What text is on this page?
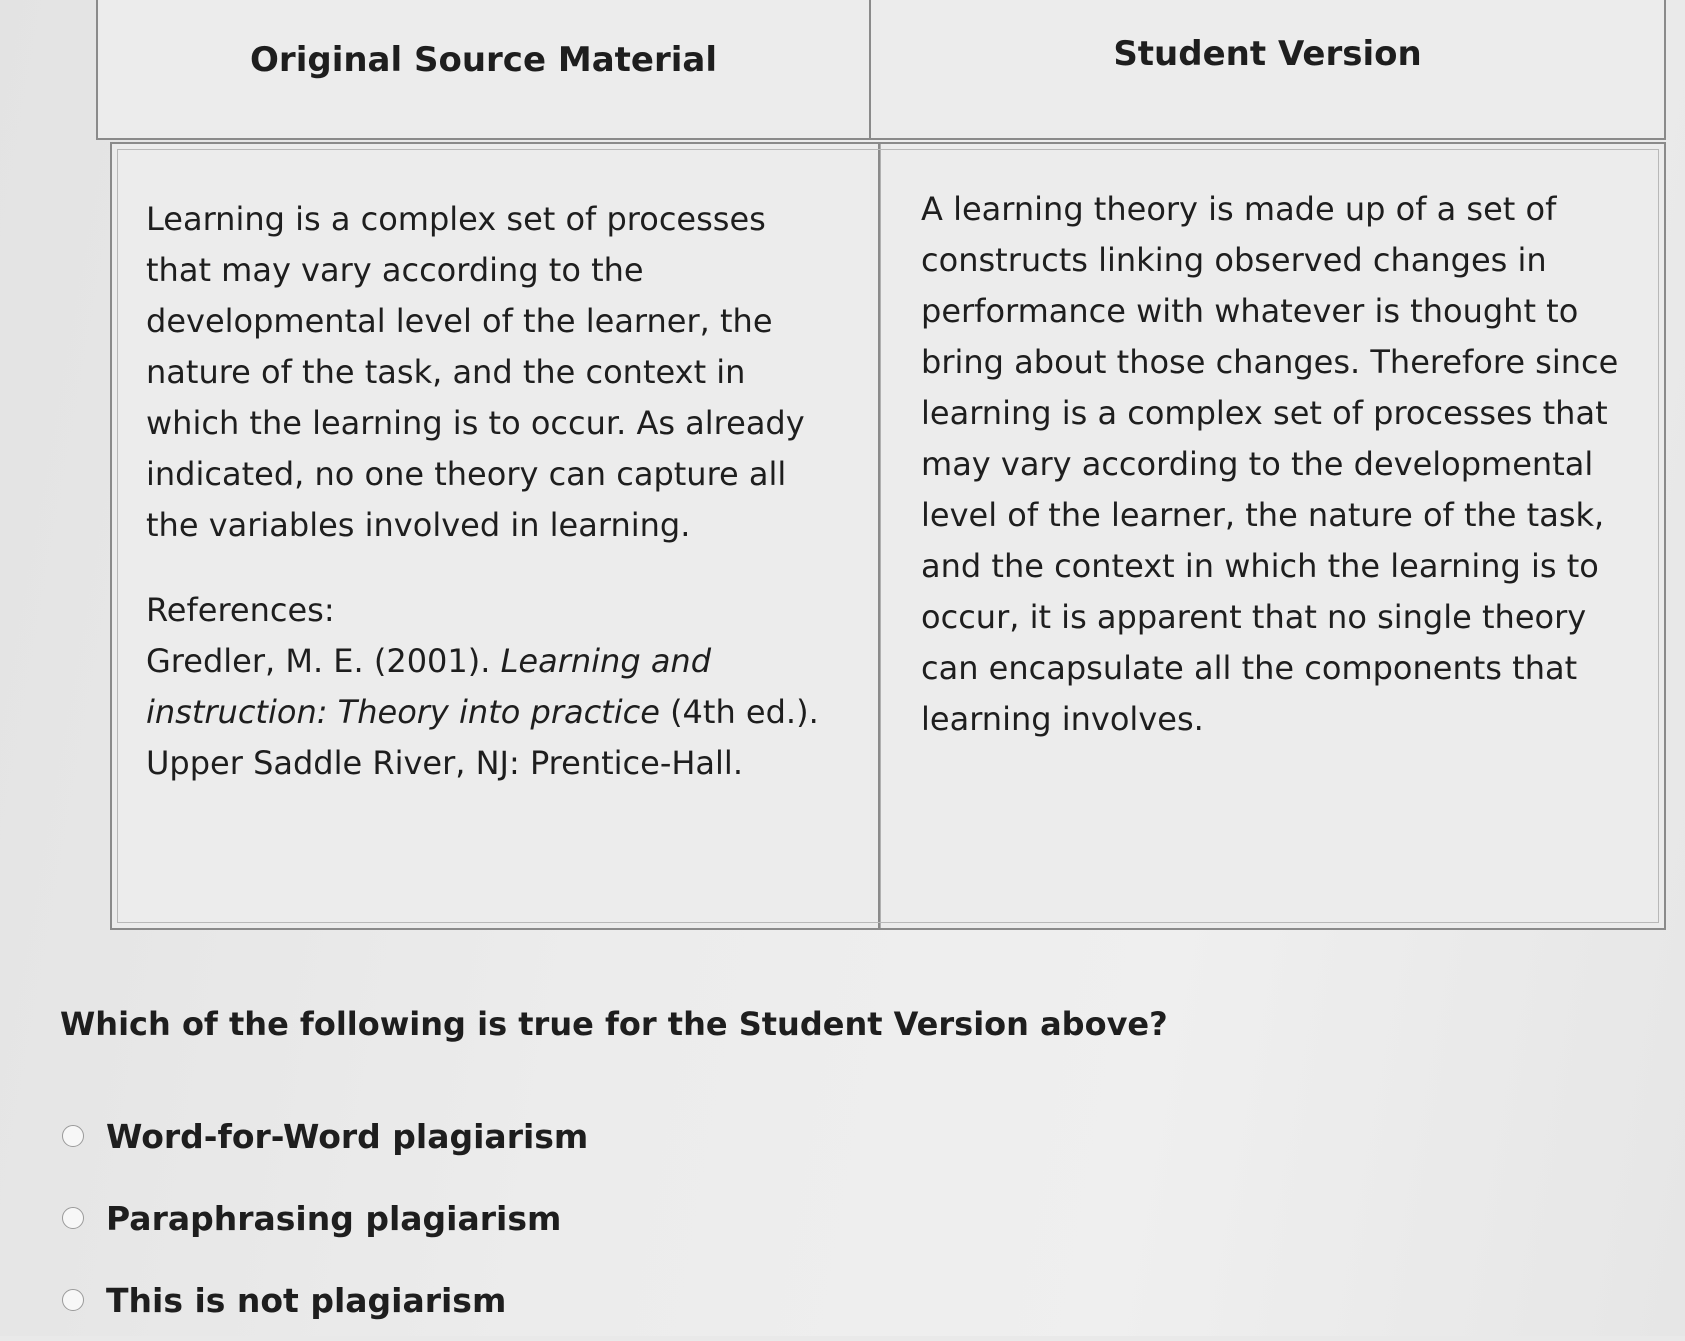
Original Source Material	Student Version

Learning is a complex set of processes that may vary according to the developmental level of the learner, the nature of the task, and the context in which the learning is to occur. As already indicated, no one theory can capture all the variables involved in learning.

References:

Gredler, M. E. (2001). Learning and instruction: Theory into practice (4th ed.). Upper Saddle River, NJ: Prentice-Hall.

A learning theory is made up of a set of constructs linking observed changes in performance with whatever is thought to bring about those changes. Therefore since learning is a complex set of processes that may vary according to the developmental level of the learner, the nature of the task, and the context in which the learning is to occur, it is apparent that no single theory can encapsulate all the components that learning involves.

Which of the following is true for the Student Version above?
Word-for-Word plagiarism
Paraphrasing plagiarism
This is not plagiarism
